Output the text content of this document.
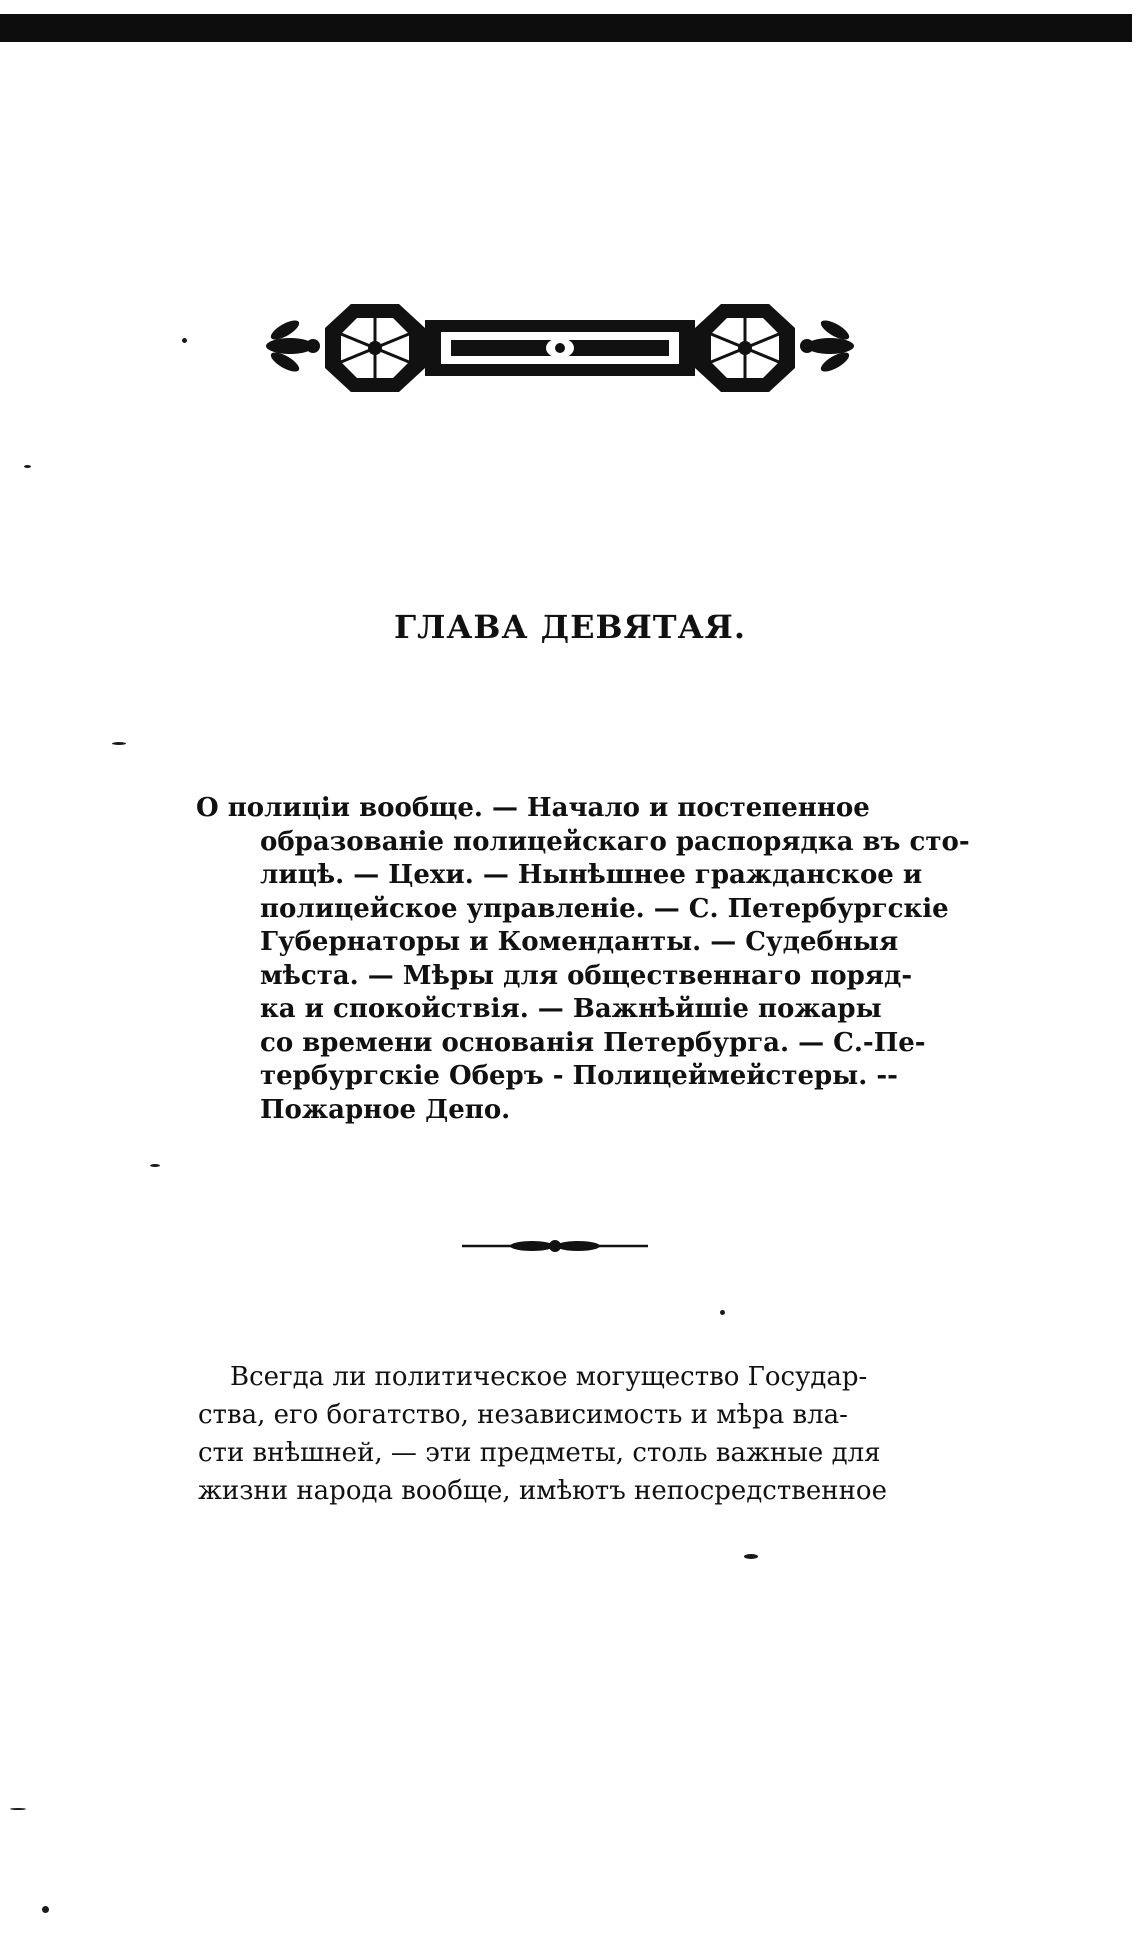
ГЛАВА ДЕВЯТАЯ.
О полиціи вообще. — Начало и постепенное
образованіе полицейскаго распорядка въ сто-
лицѣ. — Цехи. — Нынѣшнее гражданское и
полицейское управленіе. — С. Петербургскіе
Губернаторы и Коменданты. — Судебныя
мѣста. — Мѣры для общественнаго поряд-
ка и спокойствія. — Важнѣйшіе пожары
со времени основанія Петербурга. — С.-Пе-
тербургскіе Оберъ - Полицеймейстеры. --
Пожарное Депо.
Всегда ли политическое могущество Государ-
ства, его богатство, независимость и мѣра вла-
сти внѣшней, — эти предметы, столь важные для
жизни народа вообще, имѣютъ непосредственное
